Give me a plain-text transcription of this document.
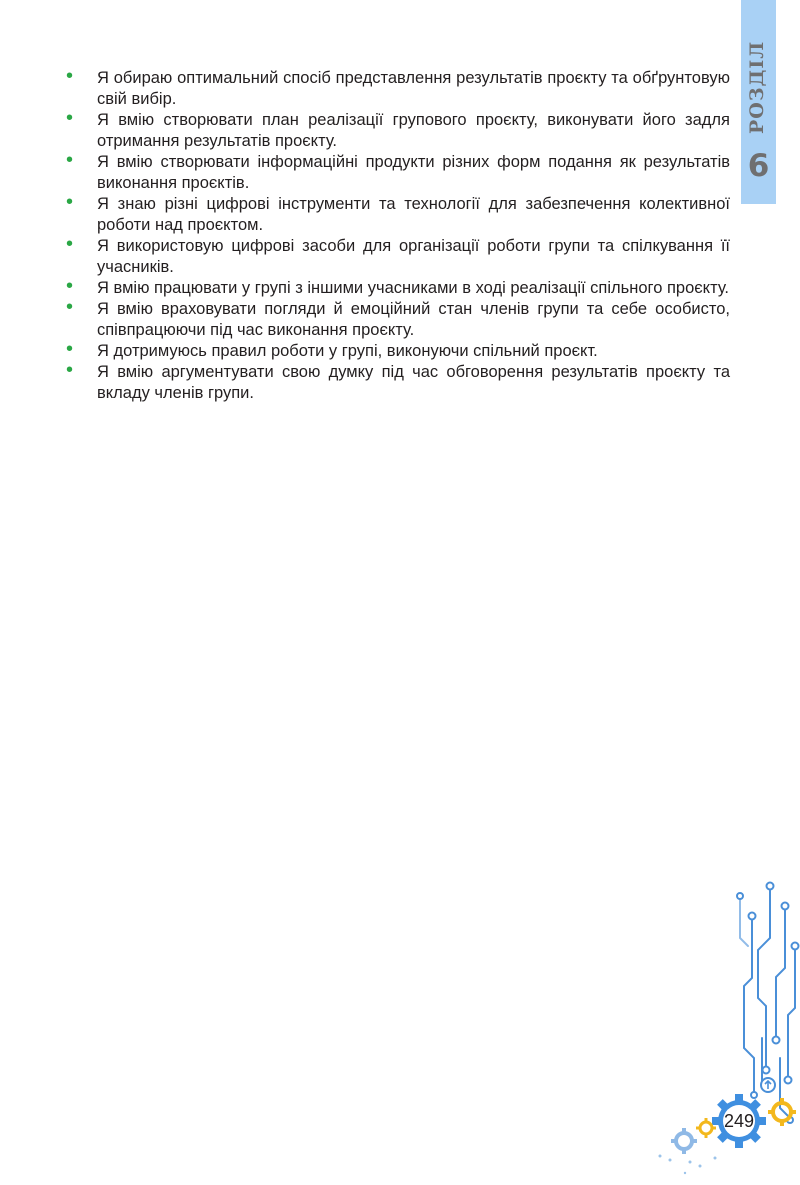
РОЗДІЛ
6
• Я обираю оптимальний спосіб представлення результатів проєкту та обґрунтовую свій вибір.
• Я вмію створювати план реалізації групового проєкту, виконувати його задля отримання результатів проєкту.
• Я вмію створювати інформаційні продукти різних форм подання як результатів виконання проєктів.
• Я знаю різні цифрові інструменти та технології для забезпечення колективної роботи над проєктом.
• Я використовую цифрові засоби для організації роботи групи та спілкування її учасників.
• Я вмію працювати у групі з іншими учасниками в ході реалізації спільного проєкту.
• Я вмію враховувати погляди й емоційний стан членів групи та себе особисто, співпрацюючи під час виконання проєкту.
• Я дотримуюсь правил роботи у групі, виконуючи спільний проєкт.
• Я вмію аргументувати свою думку під час обговорення результатів проєкту та вкладу членів групи.
249
